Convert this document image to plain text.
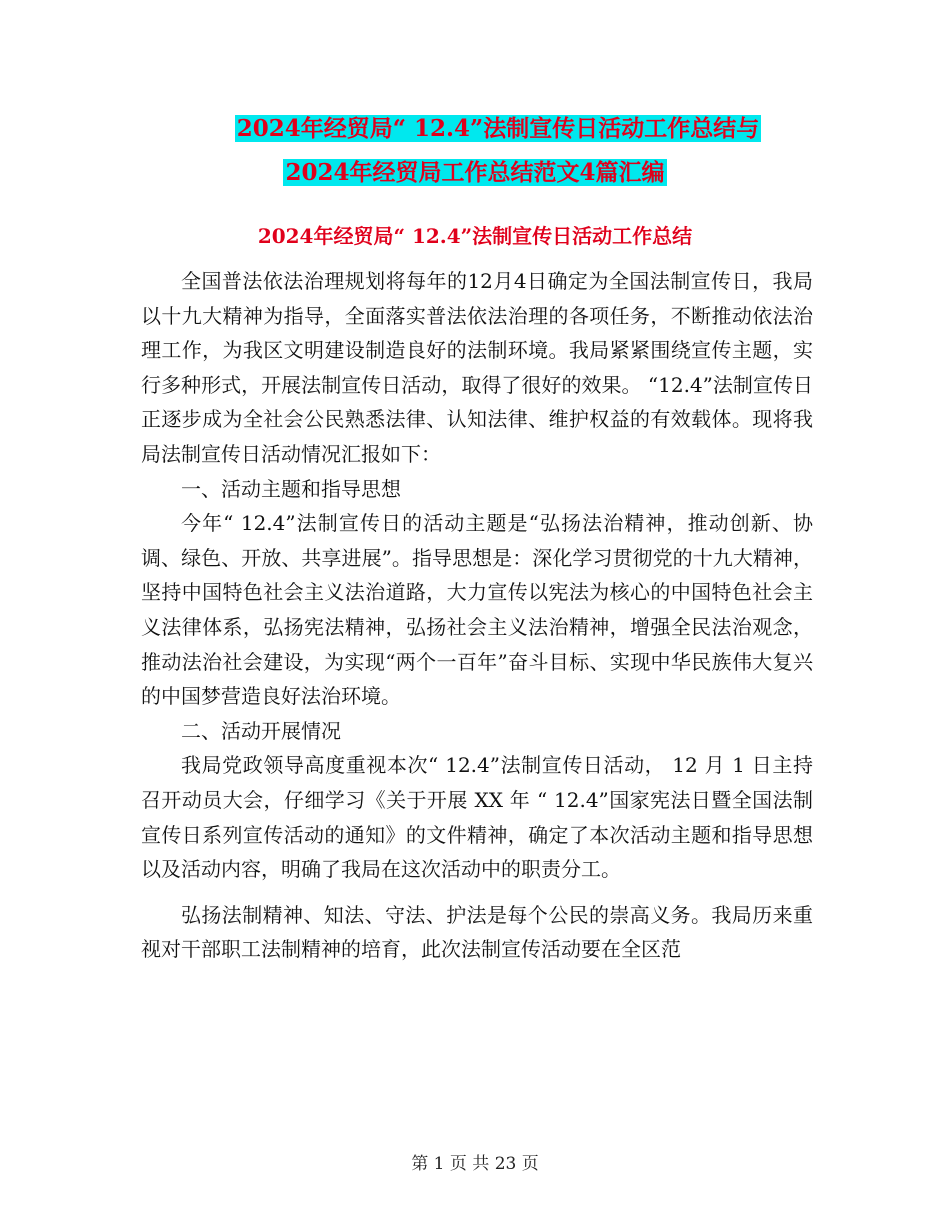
2024年经贸局“ 12.4”法制宣传日活动工作总结与
2024年经贸局工作总结范文4篇汇编
2024年经贸局“ 12.4”法制宣传日活动工作总结

全国普法依法治理规划将每年的12月4日确定为全国法制宣传日，我局以十九大精神为指导，全面落实普法依法治理的各项任务，不断推动依法治理工作，为我区文明建设制造良好的法制环境。我局紧紧围绕宣传主题，实行多种形式，开展法制宣传日活动，取得了很好的效果。 “12.4”法制宣传日正逐步成为全社会公民熟悉法律、认知法律、维护权益的有效载体。现将我局法制宣传日活动情况汇报如下：

一、活动主题和指导思想

今年“ 12.4”法制宣传日的活动主题是“弘扬法治精神，推动创新、协调、绿色、开放、共享进展”。指导思想是：深化学习贯彻党的十九大精神，坚持中国特色社会主义法治道路，大力宣传以宪法为核心的中国特色社会主义法律体系，弘扬宪法精神，弘扬社会主义法治精神，增强全民法治观念，推动法治社会建设，为实现“两个一百年”奋斗目标、实现中华民族伟大复兴的中国梦营造良好法治环境。

二、活动开展情况

我局党政领导高度重视本次“ 12.4”法制宣传日活动， 12 月 1 日主持召开动员大会，仔细学习《关于开展 XX 年 “ 12.4”国家宪法日暨全国法制宣传日系列宣传活动的通知》的文件精神，确定了本次活动主题和指导思想以及活动内容，明确了我局在这次活动中的职责分工。

弘扬法制精神、知法、守法、护法是每个公民的崇高义务。我局历来重视对干部职工法制精神的培育，此次法制宣传活动要在全区范

第 1 页 共 23 页
